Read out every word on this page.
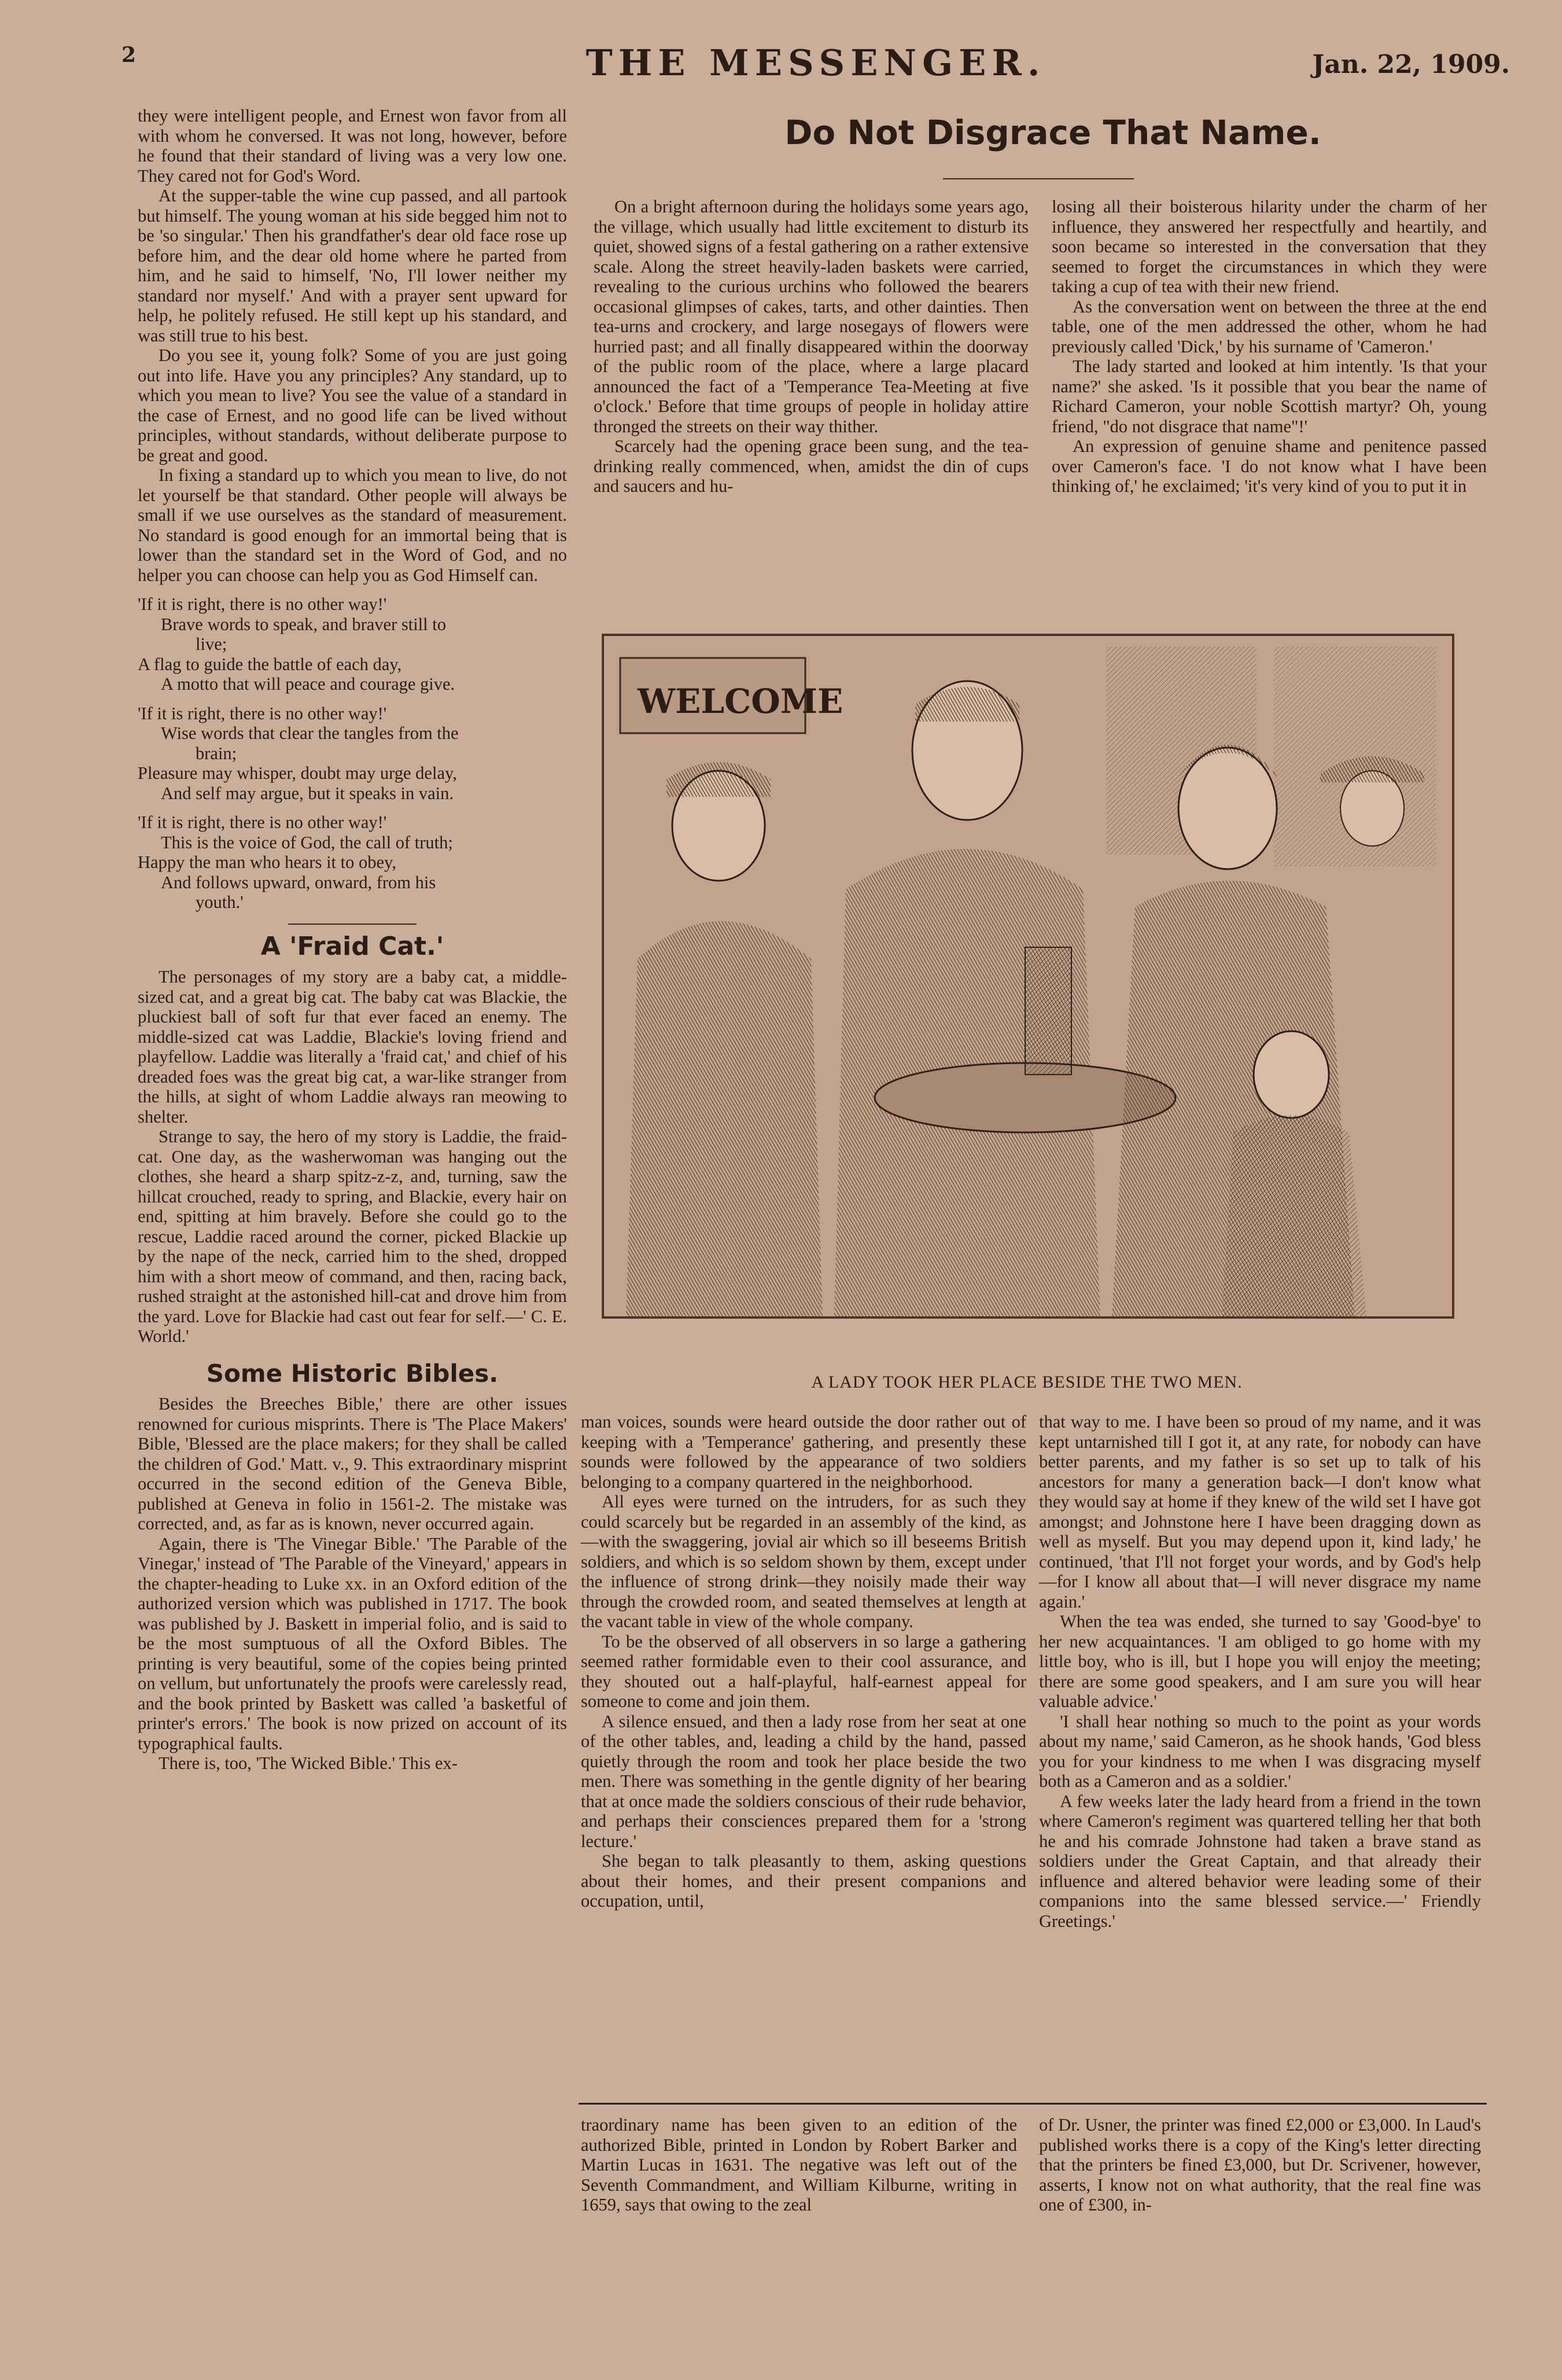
2	THE MESSENGER.	Jan. 22, 1909.

they were intelligent people, and Ernest won favor from all with whom he conversed. It was not long, however, before he found that their standard of living was a very low one. They cared not for God's Word.

At the supper-table the wine cup passed, and all partook but himself. The young woman at his side begged him not to be 'so singular.' Then his grandfather's dear old face rose up before him, and the dear old home where he parted from him, and he said to himself, 'No, I'll lower neither my standard nor myself.' And with a prayer sent upward for help, he politely refused. He still kept up his standard, and was still true to his best.

Do you see it, young folk? Some of you are just going out into life. Have you any principles? Any standard, up to which you mean to live? You see the value of a standard in the case of Ernest, and no good life can be lived without principles, without standards, without deliberate purpose to be great and good.

In fixing a standard up to which you mean to live, do not let yourself be that standard. Other people will always be small if we use ourselves as the standard of measurement. No standard is good enough for an immortal being that is lower than the standard set in the Word of God, and no helper you can choose can help you as God Himself can.

'If it is right, there is no other way!'
Brave words to speak, and braver still to
live;
A flag to guide the battle of each day,
A motto that will peace and courage give.
'If it is right, there is no other way!'
Wise words that clear the tangles from the
brain;
Pleasure may whisper, doubt may urge delay,
And self may argue, but it speaks in vain.
'If it is right, there is no other way!'
This is the voice of God, the call of truth;
Happy the man who hears it to obey,
And follows upward, onward, from his
youth.'
A 'Fraid Cat.'

The personages of my story are a baby cat, a middle-sized cat, and a great big cat. The baby cat was Blackie, the pluckiest ball of soft fur that ever faced an enemy. The middle-sized cat was Laddie, Blackie's loving friend and playfellow. Laddie was literally a 'fraid cat,' and chief of his dreaded foes was the great big cat, a war-like stranger from the hills, at sight of whom Laddie always ran meowing to shelter.

Strange to say, the hero of my story is Laddie, the fraid-cat. One day, as the washerwoman was hanging out the clothes, she heard a sharp spitz-z-z, and, turning, saw the hillcat crouched, ready to spring, and Blackie, every hair on end, spitting at him bravely. Before she could go to the rescue, Laddie raced around the corner, picked Blackie up by the nape of the neck, carried him to the shed, dropped him with a short meow of command, and then, racing back, rushed straight at the astonished hill-cat and drove him from the yard. Love for Blackie had cast out fear for self.—' C. E. World.'

Some Historic Bibles.

Besides the Breeches Bible,' there are other issues renowned for curious misprints. There is 'The Place Makers' Bible, 'Blessed are the place makers; for they shall be called the children of God.' Matt. v., 9. This extraordinary misprint occurred in the second edition of the Geneva Bible, published at Geneva in folio in 1561-2. The mistake was corrected, and, as far as is known, never occurred again.

Again, there is 'The Vinegar Bible.' 'The Parable of the Vinegar,' instead of 'The Parable of the Vineyard,' appears in the chapter-heading to Luke xx. in an Oxford edition of the authorized version which was published in 1717. The book was published by J. Baskett in imperial folio, and is said to be the most sumptuous of all the Oxford Bibles. The printing is very beautiful, some of the copies being printed on vellum, but unfortunately the proofs were carelessly read, and the book printed by Baskett was called 'a basketful of printer's errors.' The book is now prized on account of its typographical faults.

There is, too, 'The Wicked Bible.' This ex-

Do Not Disgrace That Name.

On a bright afternoon during the holidays some years ago, the village, which usually had little excitement to disturb its quiet, showed signs of a festal gathering on a rather extensive scale. Along the street heavily-laden baskets were carried, revealing to the curious urchins who followed the bearers occasional glimpses of cakes, tarts, and other dainties. Then tea-urns and crockery, and large nosegays of flowers were hurried past; and all finally disappeared within the doorway of the public room of the place, where a large placard announced the fact of a 'Temperance Tea-Meeting at five o'clock.' Before that time groups of people in holiday attire thronged the streets on their way thither.

Scarcely had the opening grace been sung, and the tea-drinking really commenced, when, amidst the din of cups and saucers and hu-

losing all their boisterous hilarity under the charm of her influence, they answered her respectfully and heartily, and soon became so interested in the conversation that they seemed to forget the circumstances in which they were taking a cup of tea with their new friend.

As the conversation went on between the three at the end table, one of the men addressed the other, whom he had previously called 'Dick,' by his surname of 'Cameron.'

The lady started and looked at him intently. 'Is that your name?' she asked. 'Is it possible that you bear the name of Richard Cameron, your noble Scottish martyr? Oh, young friend, "do not disgrace that name"!'

An expression of genuine shame and penitence passed over Cameron's face. 'I do not know what I have been thinking of,' he exclaimed; 'it's very kind of you to put it in

WELCOME
A LADY TOOK HER PLACE BESIDE THE TWO MEN.

man voices, sounds were heard outside the door rather out of keeping with a 'Temperance' gathering, and presently these sounds were followed by the appearance of two soldiers belonging to a company quartered in the neighborhood.

All eyes were turned on the intruders, for as such they could scarcely but be regarded in an assembly of the kind, as—with the swaggering, jovial air which so ill beseems British soldiers, and which is so seldom shown by them, except under the influence of strong drink—they noisily made their way through the crowded room, and seated themselves at length at the vacant table in view of the whole company.

To be the observed of all observers in so large a gathering seemed rather formidable even to their cool assurance, and they shouted out a half-playful, half-earnest appeal for someone to come and join them.

A silence ensued, and then a lady rose from her seat at one of the other tables, and, leading a child by the hand, passed quietly through the room and took her place beside the two men. There was something in the gentle dignity of her bearing that at once made the soldiers conscious of their rude behavior, and perhaps their consciences prepared them for a 'strong lecture.'

She began to talk pleasantly to them, asking questions about their homes, and their present companions and occupation, until,

that way to me. I have been so proud of my name, and it was kept untarnished till I got it, at any rate, for nobody can have better parents, and my father is so set up to talk of his ancestors for many a generation back—I don't know what they would say at home if they knew of the wild set I have got amongst; and Johnstone here I have been dragging down as well as myself. But you may depend upon it, kind lady,' he continued, 'that I'll not forget your words, and by God's help—for I know all about that—I will never disgrace my name again.'

When the tea was ended, she turned to say 'Good-bye' to her new acquaintances. 'I am obliged to go home with my little boy, who is ill, but I hope you will enjoy the meeting; there are some good speakers, and I am sure you will hear valuable advice.'

'I shall hear nothing so much to the point as your words about my name,' said Cameron, as he shook hands, 'God bless you for your kindness to me when I was disgracing myself both as a Cameron and as a soldier.'

A few weeks later the lady heard from a friend in the town where Cameron's regiment was quartered telling her that both he and his comrade Johnstone had taken a brave stand as soldiers under the Great Captain, and that already their influence and altered behavior were leading some of their companions into the same blessed service.—' Friendly Greetings.'

traordinary name has been given to an edition of the authorized Bible, printed in London by Robert Barker and Martin Lucas in 1631. The negative was left out of the Seventh Commandment, and William Kilburne, writing in 1659, says that owing to the zeal

of Dr. Usner, the printer was fined £2,000 or £3,000. In Laud's published works there is a copy of the King's letter directing that the printers be fined £3,000, but Dr. Scrivener, however, asserts, I know not on what authority, that the real fine was one of £300, in-
